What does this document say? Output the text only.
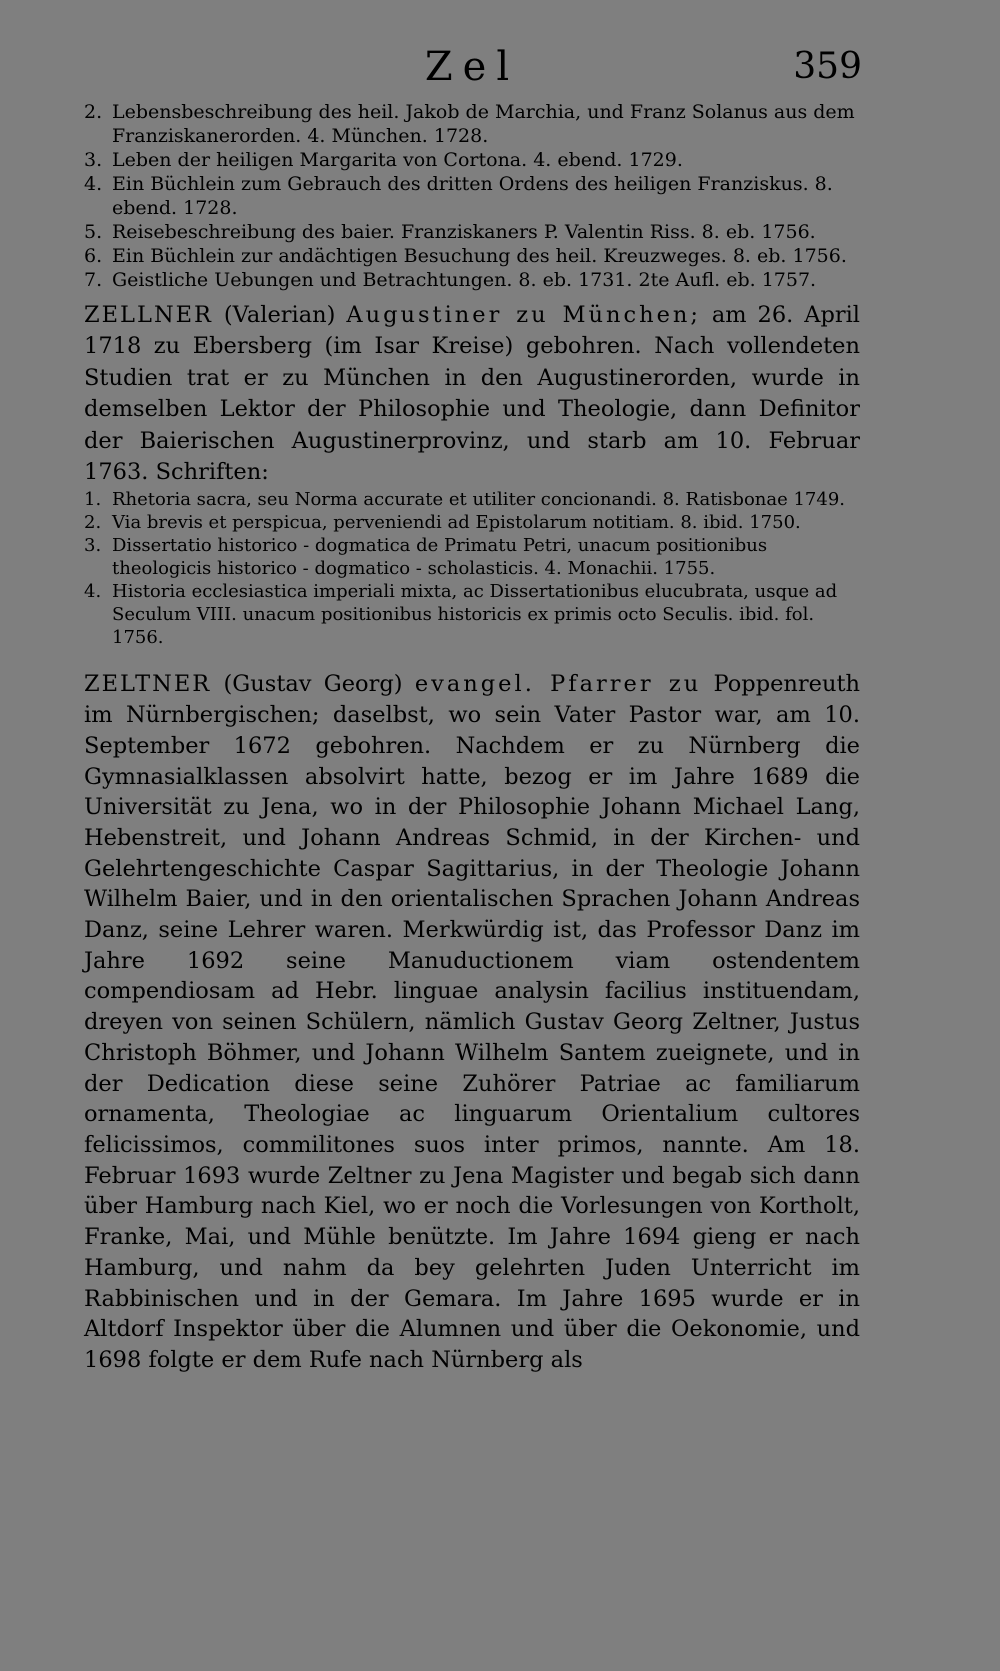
Zel	359
2. Lebensbeschreibung des heil. Jakob de Marchia, und Franz Solanus aus dem Franziskanerorden. 4. München. 1728.
3. Leben der heiligen Margarita von Cortona. 4. ebend. 1729.
4. Ein Büchlein zum Gebrauch des dritten Ordens des heiligen Franziskus. 8. ebend. 1728.
5. Reisebeschreibung des baier. Franziskaners P. Valentin Riss. 8. eb. 1756.
6. Ein Büchlein zur andächtigen Besuchung des heil. Kreuzweges. 8. eb. 1756.
7. Geistliche Uebungen und Betrachtungen. 8. eb. 1731. 2te Aufl. eb. 1757.

ZELLNER (Valerian) Augustiner zu München; am 26. April 1718 zu Ebersberg (im Isar Kreise) gebohren. Nach vollendeten Studien trat er zu München in den Augustinerorden, wurde in demselben Lektor der Philosophie und Theologie, dann Definitor der Baierischen Augustinerprovinz, und starb am 10. Februar 1763. Schriften:

1. Rhetoria sacra, seu Norma accurate et utiliter concionandi. 8. Ratisbonae 1749.
2. Via brevis et perspicua, perveniendi ad Epistolarum notitiam. 8. ibid. 1750.
3. Dissertatio historico - dogmatica de Primatu Petri, unacum positionibus theologicis historico - dogmatico - scholasticis. 4. Monachii. 1755.
4. Historia ecclesiastica imperiali mixta, ac Dissertationibus elucubrata, usque ad Seculum VIII. unacum positionibus historicis ex primis octo Seculis. ibid. fol. 1756.

ZELTNER (Gustav Georg) evangel. Pfarrer zu Poppenreuth im Nürnbergischen; daselbst, wo sein Vater Pastor war, am 10. September 1672 gebohren. Nachdem er zu Nürnberg die Gymnasialklassen absolvirt hatte, bezog er im Jahre 1689 die Universität zu Jena, wo in der Philosophie Johann Michael Lang, Hebenstreit, und Johann Andreas Schmid, in der Kirchen- und Gelehrtengeschichte Caspar Sagittarius, in der Theologie Johann Wilhelm Baier, und in den orientalischen Sprachen Johann Andreas Danz, seine Lehrer waren. Merkwürdig ist, das Professor Danz im Jahre 1692 seine Manuductionem viam ostendentem compendiosam ad Hebr. linguae analysin facilius instituendam, dreyen von seinen Schülern, nämlich Gustav Georg Zeltner, Justus Christoph Böhmer, und Johann Wilhelm Santem zueignete, und in der Dedication diese seine Zuhörer Patriae ac familiarum ornamenta, Theologiae ac linguarum Orientalium cultores felicissimos, commilitones suos inter primos, nannte. Am 18. Februar 1693 wurde Zeltner zu Jena Magister und begab sich dann über Hamburg nach Kiel, wo er noch die Vorlesungen von Kortholt, Franke, Mai, und Mühle benützte. Im Jahre 1694 gieng er nach Hamburg, und nahm da bey gelehrten Juden Unterricht im Rabbinischen und in der Gemara. Im Jahre 1695 wurde er in Altdorf Inspektor über die Alumnen und über die Oekonomie, und 1698 folgte er dem Rufe nach Nürnberg als
